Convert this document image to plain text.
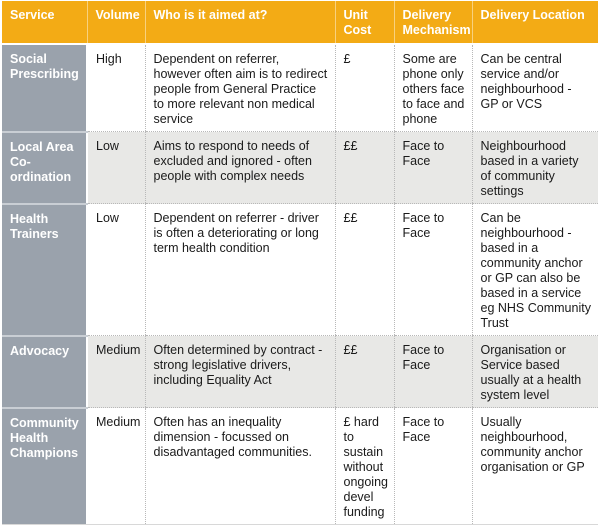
Service	Volume	Who is it aimed at?	Unit Cost	Delivery Mechanism	Delivery Location
Social Prescribing	High	Dependent on referrer, however often aim is to redirect people from General Practice to more relevant non medical service	£	Some are phone only others face to face and phone	Can be central service and/or neighbourhood - GP or VCS
Local Area Co-ordination	Low	Aims to respond to needs of excluded and ignored - often people with complex needs	££	Face to Face	Neighbourhood based in a variety of community settings
Health Trainers	Low	Dependent on referrer - driver is often a deteriorating or long term health condition	££	Face to Face	Can be neighbourhood - based in a community anchor or GP can also be based in a service eg NHS Community Trust
Advocacy	Medium	Often determined by contract - strong legislative drivers, including Equality Act	££	Face to Face	Organisation or Service based usually at a health system level
Community Health Champions	Medium	Often has an inequality dimension - focussed on disadvantaged communities.	£ hard to sustain without ongoing devel funding	Face to Face	Usually neighbourhood, community anchor organisation or GP
